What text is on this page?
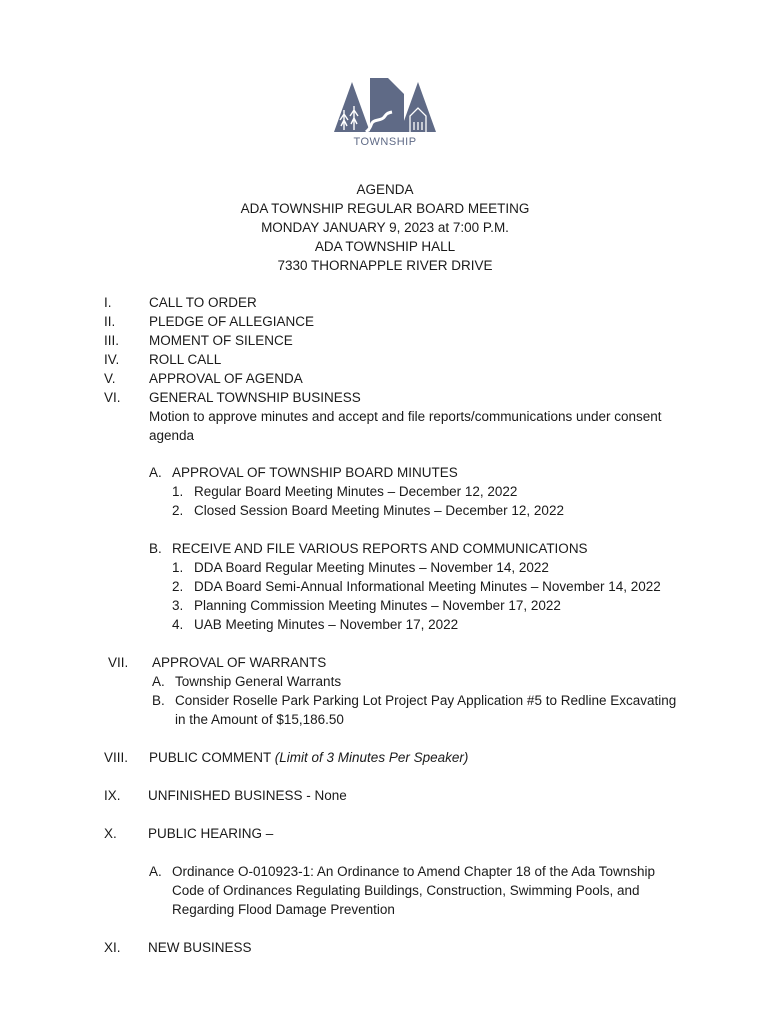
TOWNSHIP
AGENDA
ADA TOWNSHIP REGULAR BOARD MEETING
MONDAY JANUARY 9, 2023 at 7:00 P.M.
ADA TOWNSHIP HALL
7330 THORNAPPLE RIVER DRIVE
I.	CALL TO ORDER
II. PLEDGE OF ALLEGIANCE
III. MOMENT OF SILENCE
IV. ROLL CALL
V. APPROVAL OF AGENDA
VI. GENERAL TOWNSHIP BUSINESS
Motion to approve minutes and accept and file reports/communications under consent
agenda
A. APPROVAL OF TOWNSHIP BOARD MINUTES
1. Regular Board Meeting Minutes – December 12, 2022
2. Closed Session Board Meeting Minutes – December 12, 2022
B. RECEIVE AND FILE VARIOUS REPORTS AND COMMUNICATIONS
1. DDA Board Regular Meeting Minutes – November 14, 2022
2. DDA Board Semi-Annual Informational Meeting Minutes – November 14, 2022
3. Planning Commission Meeting Minutes – November 17, 2022
4. UAB Meeting Minutes – November 17, 2022
VII. APPROVAL OF WARRANTS
A. Township General Warrants
B. Consider Roselle Park Parking Lot Project Pay Application #5 to Redline Excavating
in the Amount of $15,186.50
VIII. PUBLIC COMMENT (Limit of 3 Minutes Per Speaker)
IX. UNFINISHED BUSINESS - None
X. PUBLIC HEARING –
A. Ordinance O-010923-1: An Ordinance to Amend Chapter 18 of the Ada Township
Code of Ordinances Regulating Buildings, Construction, Swimming Pools, and
Regarding Flood Damage Prevention
XI. NEW BUSINESS
